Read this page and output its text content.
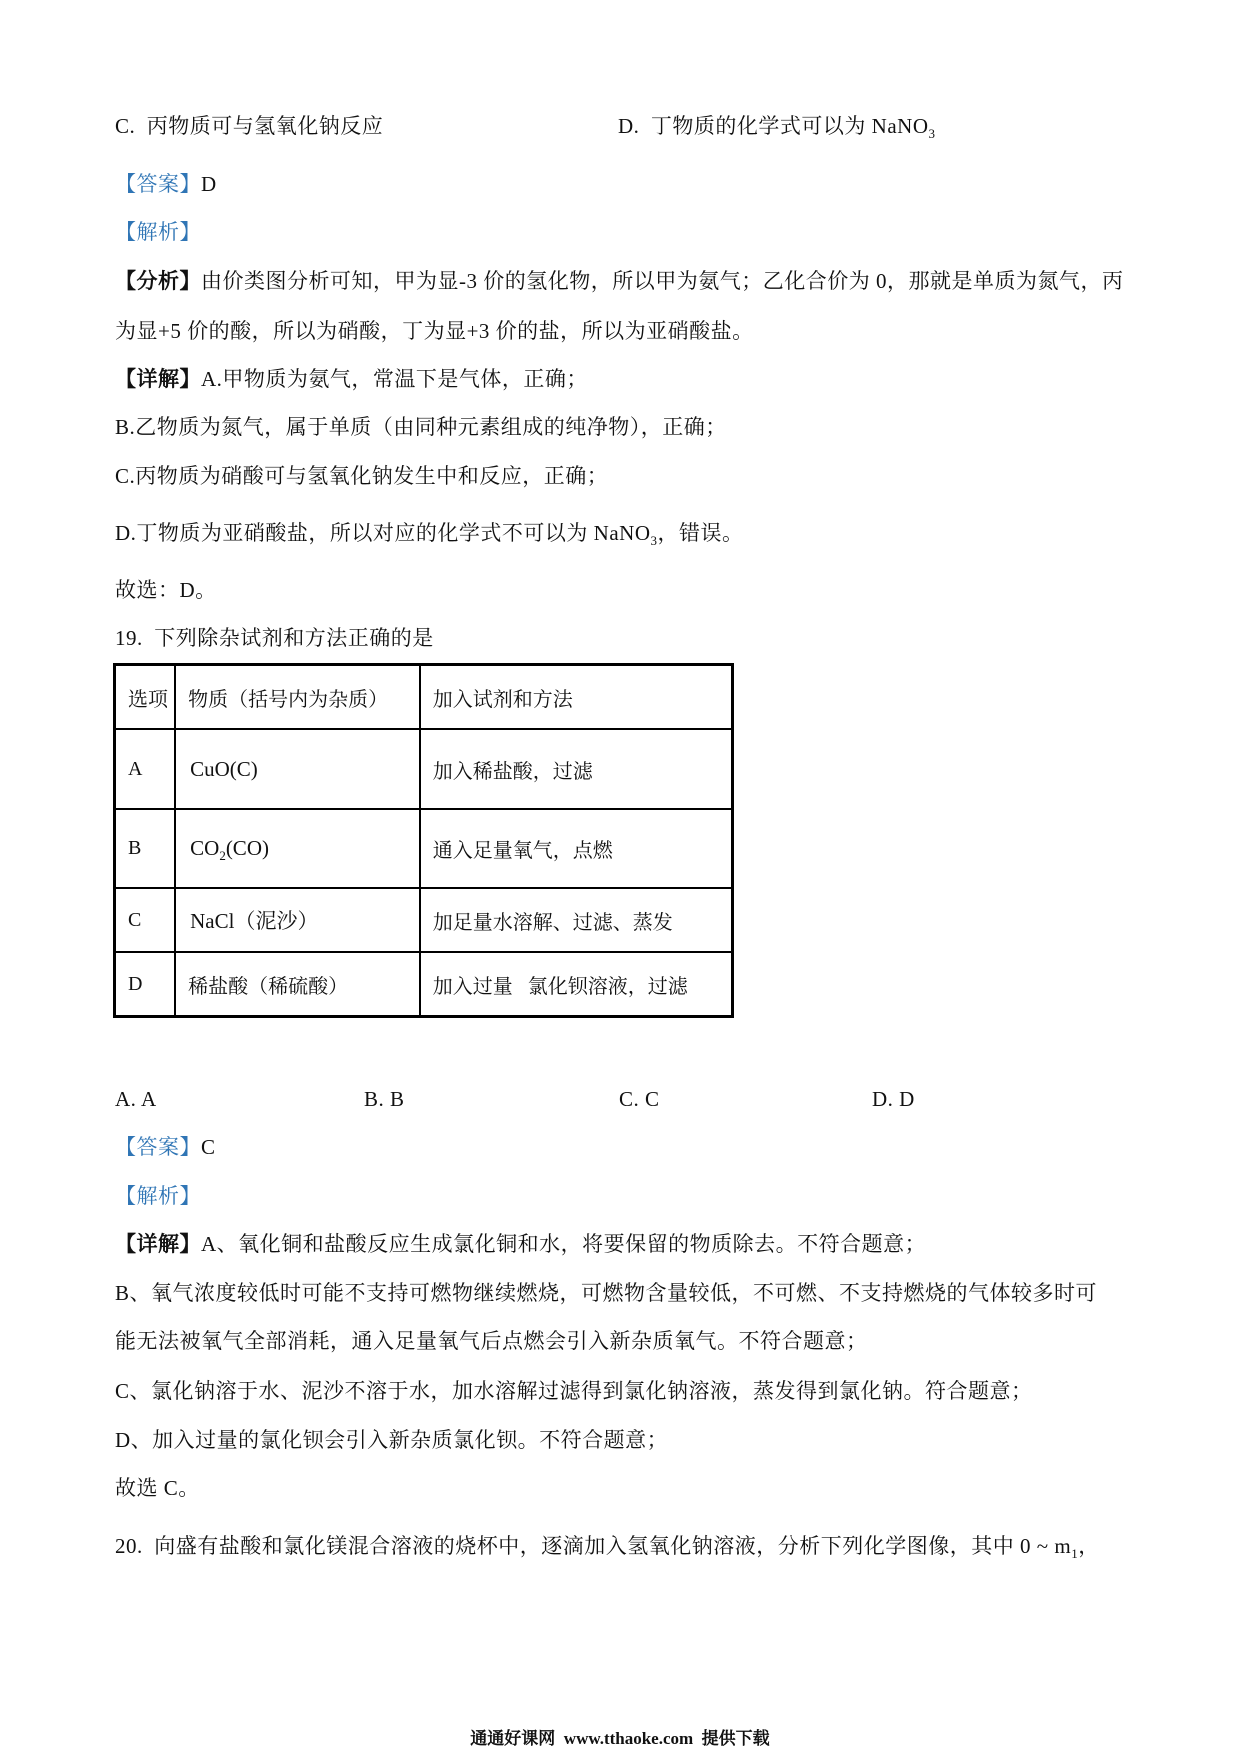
C.  丙物质可与氢氧化钠反应	D.  丁物质的化学式可以为 NaNO$_3$
【答案】D
【解析】
【分析】由价类图分析可知，甲为显-3 价的氢化物，所以甲为氨气；乙化合价为 0，那就是单质为氮气，丙
为显+5 价的酸，所以为硝酸，丁为显+3 价的盐，所以为亚硝酸盐。
【详解】A.甲物质为氨气，常温下是气体，正确；
B.乙物质为氮气，属于单质（由同种元素组成的纯净物），正确；
C.丙物质为硝酸可与氢氧化钠发生中和反应，正确；
D.丁物质为亚硝酸盐，所以对应的化学式不可以为 NaNO$_3$，错误。
故选：D。
19.  下列除杂试剂和方法正确的是
选项	物质（括号内为杂质）	加入试剂和方法
A	CuO(C)	加入稀盐酸，过滤
B	$CO_2(CO)$	通入足量氧气，点燃
C	NaCl（泥沙）	加足量水溶解、过滤、蒸发
D	稀盐酸（稀硫酸）	加入过量   氯化钡溶液，过滤
A. A	B. B	C. C	D. D
【答案】C
【解析】
【详解】A、氧化铜和盐酸反应生成氯化铜和水，将要保留的物质除去。不符合题意；
B、氧气浓度较低时可能不支持可燃物继续燃烧，可燃物含量较低，不可燃、不支持燃烧的气体较多时可
能无法被氧气全部消耗，通入足量氧气后点燃会引入新杂质氧气。不符合题意；
C、氯化钠溶于水、泥沙不溶于水，加水溶解过滤得到氯化钠溶液，蒸发得到氯化钠。符合题意；
D、加入过量的氯化钡会引入新杂质氯化钡。不符合题意；
故选 C。
20.  向盛有盐酸和氯化镁混合溶液的烧杯中，逐滴加入氢氧化钠溶液，分析下列化学图像，其中 0 ~ $m_1$，
通通好课网  www.tthaoke.com  提供下载
